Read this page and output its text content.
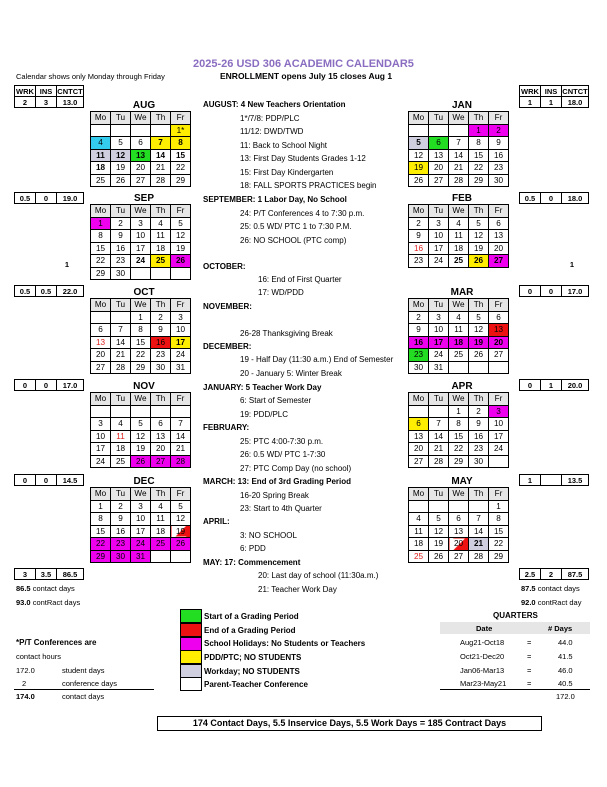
2025-26 USD 306 ACADEMIC CALENDAR5
ENROLLMENT opens July 15 closes Aug 1
Calendar shows only Monday through Friday
WRK	INS	CNTCT
2	3	13.0
WRK	INS	CNTCT
1	1	18.0
AUG
Mo	Tu	We	Th	Fr
				1*
4	5	6	7	8
11	12	13	14	15
18	19	20	21	22
25	26	27	28	29
0.5	0	19.0	SEP
Mo	Tu	We	Th	Fr
1	2	3	4	5
8	9	10	11	12
15	16	17	18	19
22	23	24	25	26
29	30			
		1
0.5	0.5	22.0	OCT
Mo	Tu	We	Th	Fr
		1	2	3
6	7	8	9	10
13	14	15	16	17
20	21	22	23	24
27	28	29	30	31
0	0	17.0	NOV
Mo	Tu	We	Th	Fr

3	4	5	6	7
10	11	12	13	14
17	18	19	20	21
24	25	26	27	28
0	0	14.5	DEC
Mo	Tu	We	Th	Fr
1	2	3	4	5
8	9	10	11	12
15	16	17	18	19
22	23	24	25	26
29	30	31		
3	3.5	86.5
86.5 contact days
93.0 contRact days
JAN
Mo	Tu	We	Th	Fr
			1	2
5	6	7	8	9
12	13	14	15	16
19	20	21	22	23
26	27	28	29	30
0.5	0	18.0
FEB
Mo	Tu	We	Th	Fr
2	3	4	5	6
9	10	11	12	13
16	17	18	19	20
23	24	25	26	27
			1
0	0	17.0
MAR
Mo	Tu	We	Th	Fr
2	3	4	5	6
9	10	11	12	13
16	17	18	19	20
23	24	25	26	27
30	31			
0	1	20.0
APR
Mo	Tu	We	Th	Fr
		1	2	3
6	7	8	9	10
13	14	15	16	17
20	21	22	23	24
27	28	29	30	
1		13.5
MAY
Mo	Tu	We	Th	Fr
				1
4	5	6	7	8
11	12	13	14	15
18	19	20	21	22
25	26	27	28	29
2.5	2	87.5
87.5 contact days
92.0 contRact day
AUGUST: 4 New Teachers Orientation
1*/7/8: PDP/PLC
11/12: DWD/TWD
11: Back to School Night
13: First Day Students Grades 1-12
15: First Day Kindergarten
18: FALL SPORTS PRACTICES begin
SEPTEMBER: 1 Labor Day, No School
24: P/T Conferences 4 to 7:30 p.m.
25: 0.5 WD/ PTC 1 to 7:30 P.M.
26: NO SCHOOL (PTC comp)
OCTOBER:
16: End of First Quarter
17: WD/PDD
NOVEMBER:
26-28 Thanksgiving Break
DECEMBER:
19 - Half Day (11:30 a.m.) End of Semester
20 - January 5: Winter Break
JANUARY: 5 Teacher Work Day
6: Start of Semester
19: PDD/PLC
FEBRUARY:
25: PTC 4:00-7:30 p.m.
26: 0.5 WD/ PTC 1-7:30
27: PTC Comp Day (no school)
MARCH: 13: End of 3rd Grading Period
16-20 Spring Break
23: Start to 4th Quarter
APRIL:
3: NO SCHOOL
6: PDD
MAY: 17: Commencement
20: Last day of school (11:30a.m.)
21: Teacher Work Day
Start of a Grading Period
End of a Grading Period
School Holidays: No Students or Teachers
PDD/PTC; NO STUDENTS
Workday; NO STUDENTS
Parent-Teacher Conference
*P/T Conferences are
contact hours
172.0	student days
2	conference days
174.0	contact days
QUARTERS
Date	# Days
Aug21-Oct18	=	44.0
Oct21-Dec20	=	41.5
Jan06-Mar13	=	46.0
Mar23-May21	=	40.5
172.0
174 Contact Days, 5.5 Inservice Days, 5.5 Work Days = 185 Contract Days
